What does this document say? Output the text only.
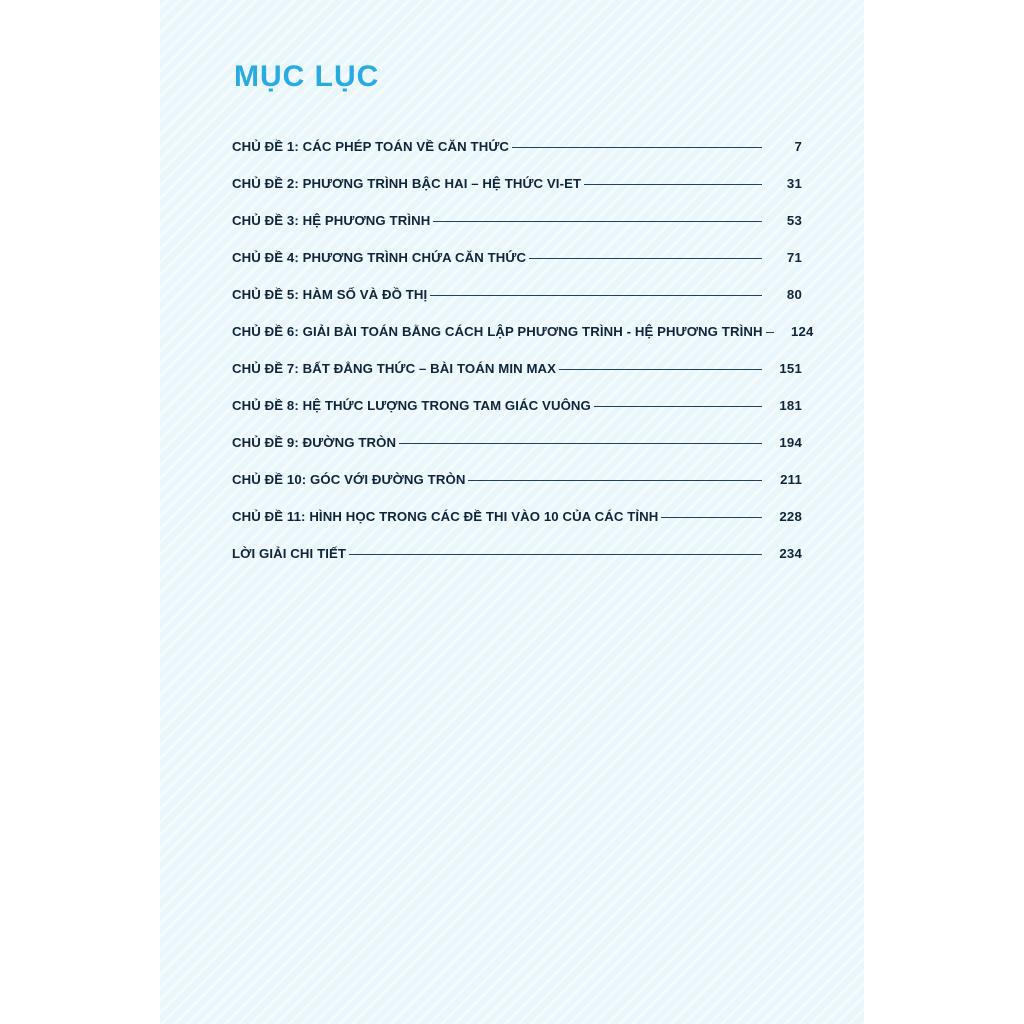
MỤC LỤC
CHỦ ĐỀ 1: CÁC PHÉP TOÁN VỀ CĂN THỨC	7
CHỦ ĐỀ 2: PHƯƠNG TRÌNH BẬC HAI – HỆ THỨC VI-ET	31
CHỦ ĐỀ 3: HỆ PHƯƠNG TRÌNH	53
CHỦ ĐỀ 4: PHƯƠNG TRÌNH CHỨA CĂN THỨC	71
CHỦ ĐỀ 5: HÀM SỐ VÀ ĐỒ THỊ	80
CHỦ ĐỀ 6: GIẢI BÀI TOÁN BẰNG CÁCH LẬP PHƯƠNG TRÌNH - HỆ PHƯƠNG TRÌNH	124
CHỦ ĐỀ 7: BẤT ĐẲNG THỨC – BÀI TOÁN MIN MAX	151
CHỦ ĐỀ 8: HỆ THỨC LƯỢNG TRONG TAM GIÁC VUÔNG	181
CHỦ ĐỀ 9: ĐƯỜNG TRÒN	194
CHỦ ĐỀ 10: GÓC VỚI ĐƯỜNG TRÒN	211
CHỦ ĐỀ 11: HÌNH HỌC TRONG CÁC ĐỀ THI VÀO 10 CỦA CÁC TỈNH	228
LỜI GIẢI CHI TIẾT	234
